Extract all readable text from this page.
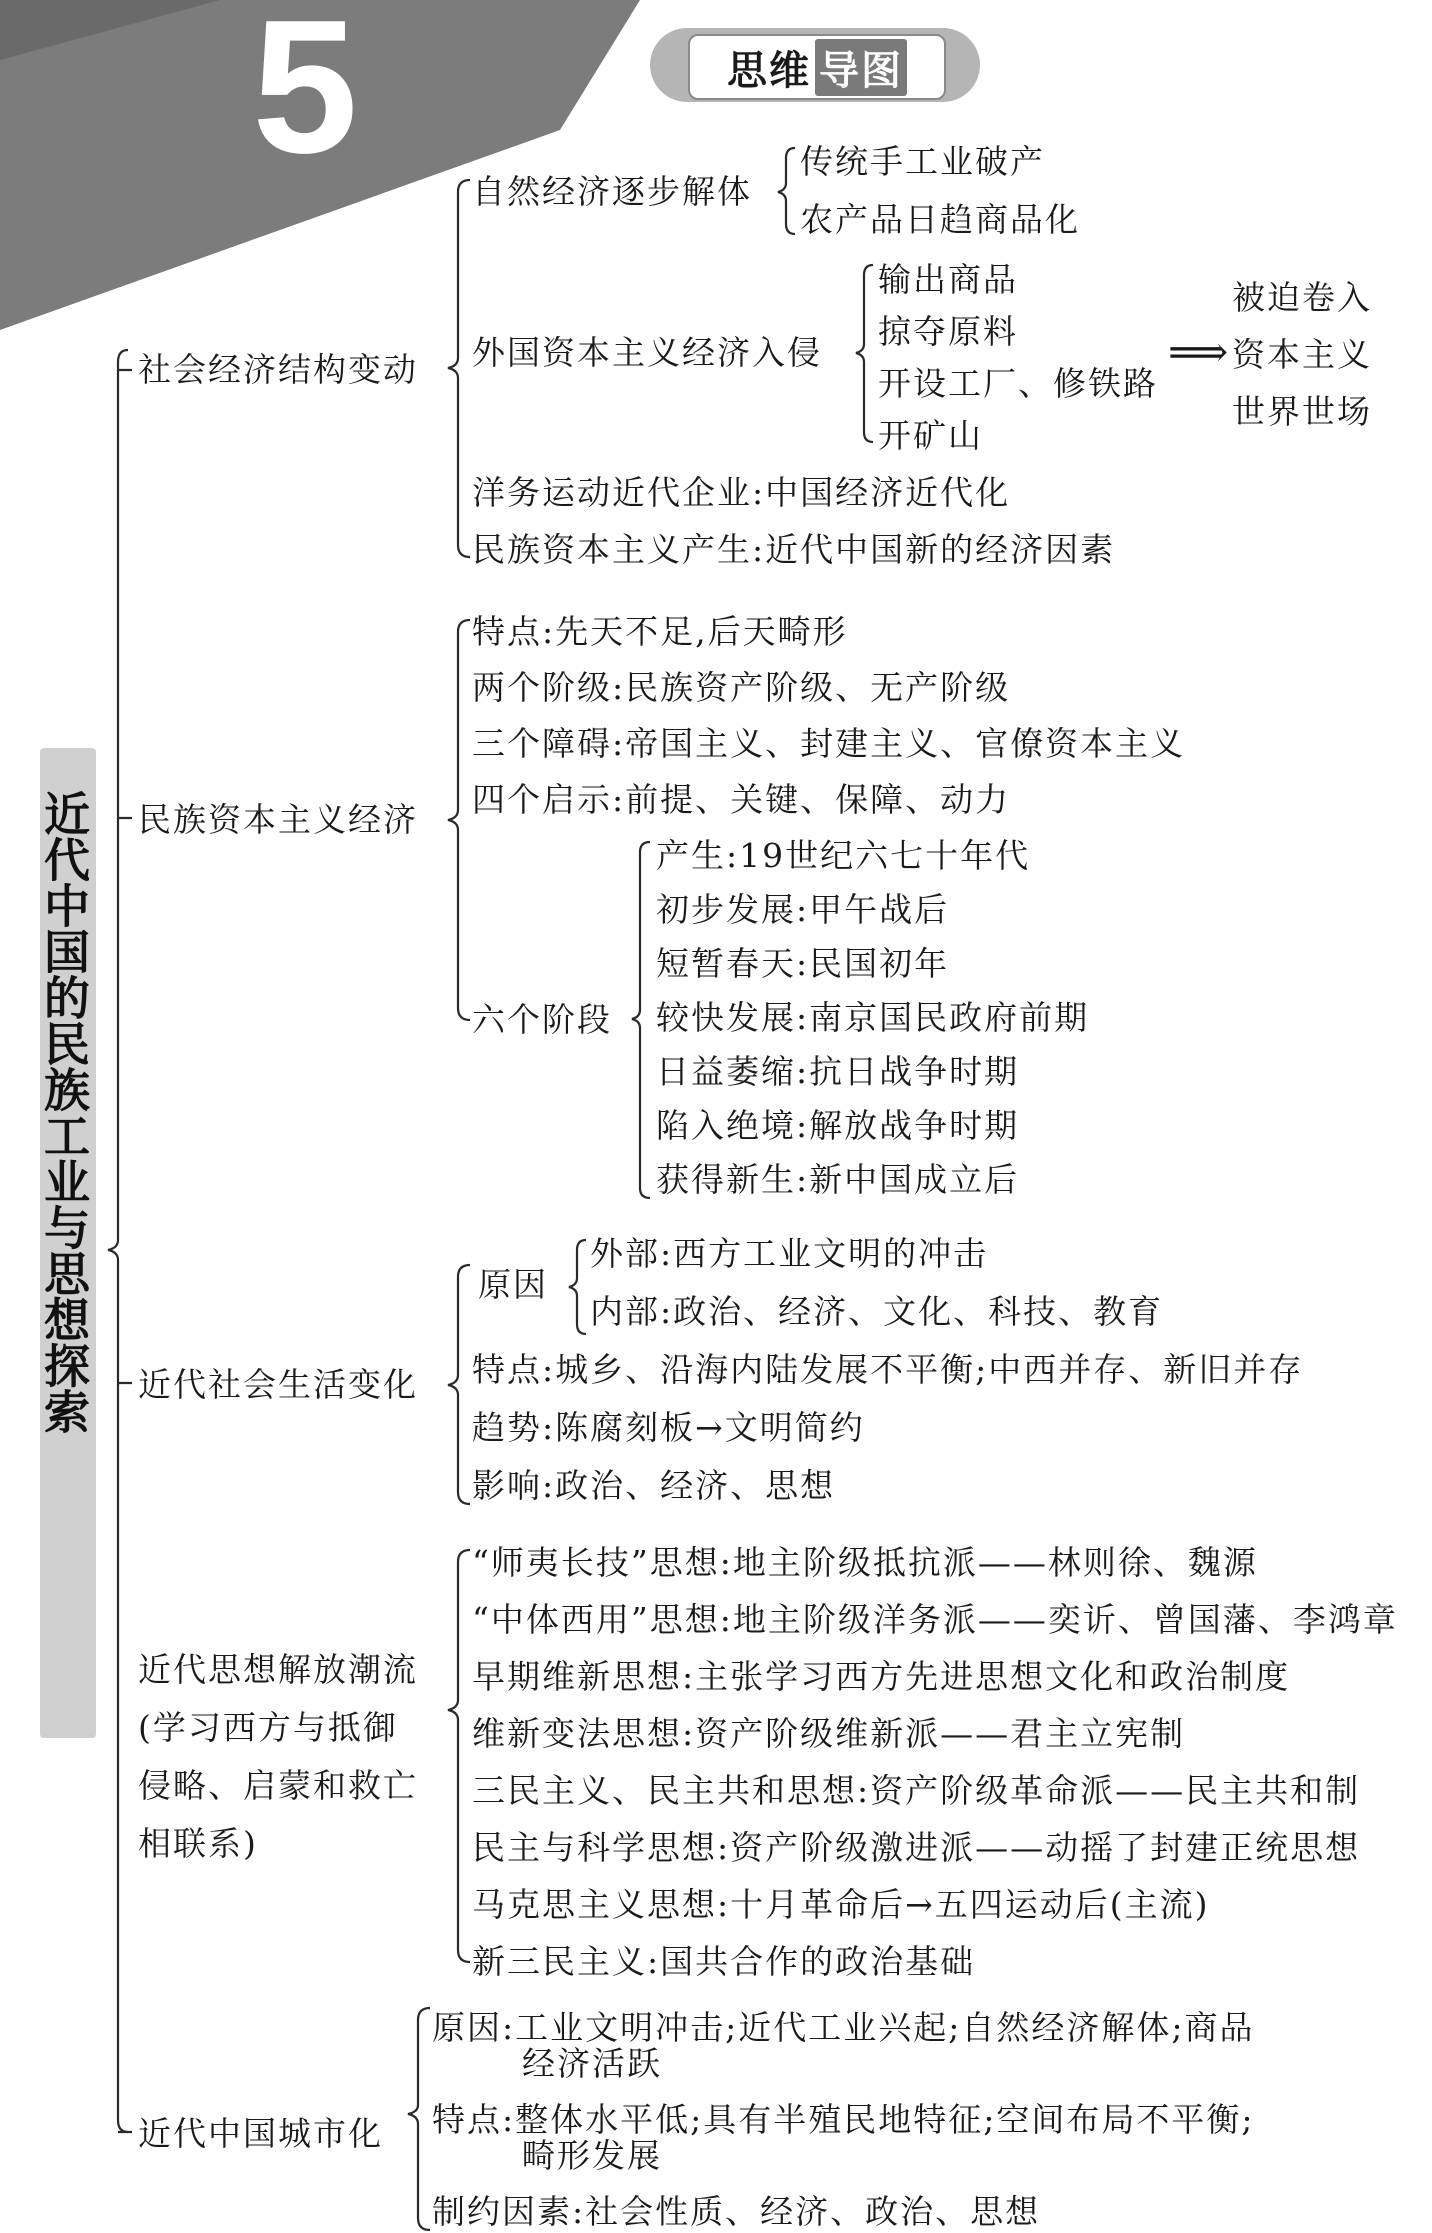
5	思维 导图
近代中国的民族工业与思想探索
社会经济结构变动
自然经济逐步解体
传统手工业破产
农产品日趋商品化
外国资本主义经济入侵
输出商品
掠夺原料
开设工厂、修铁路
开矿山
⟹
被迫卷入
资本主义
世界世场
洋务运动近代企业:中国经济近代化
民族资本主义产生:近代中国新的经济因素
民族资本主义经济
特点:先天不足,后天畸形
两个阶级:民族资产阶级、无产阶级
三个障碍:帝国主义、封建主义、官僚资本主义
四个启示:前提、关键、保障、动力
六个阶段
产生:19世纪六七十年代
初步发展:甲午战后
短暂春天:民国初年
较快发展:南京国民政府前期
日益萎缩:抗日战争时期
陷入绝境:解放战争时期
获得新生:新中国成立后
近代社会生活变化
原因
外部:西方工业文明的冲击
内部:政治、经济、文化、科技、教育
特点:城乡、沿海内陆发展不平衡;中西并存、新旧并存
趋势:陈腐刻板→文明简约
影响:政治、经济、思想
近代思想解放潮流
(学习西方与抵御
侵略、启蒙和救亡
相联系)
“师夷长技”思想:地主阶级抵抗派——林则徐、魏源
“中体西用”思想:地主阶级洋务派——奕䜣、曾国藩、李鸿章
早期维新思想:主张学习西方先进思想文化和政治制度
维新变法思想:资产阶级维新派——君主立宪制
三民主义、民主共和思想:资产阶级革命派——民主共和制
民主与科学思想:资产阶级激进派——动摇了封建正统思想
马克思主义思想:十月革命后→五四运动后(主流)
新三民主义:国共合作的政治基础
近代中国城市化
原因:工业文明冲击;近代工业兴起;自然经济解体;商品
经济活跃
特点:整体水平低;具有半殖民地特征;空间布局不平衡;
畸形发展
制约因素:社会性质、经济、政治、思想
